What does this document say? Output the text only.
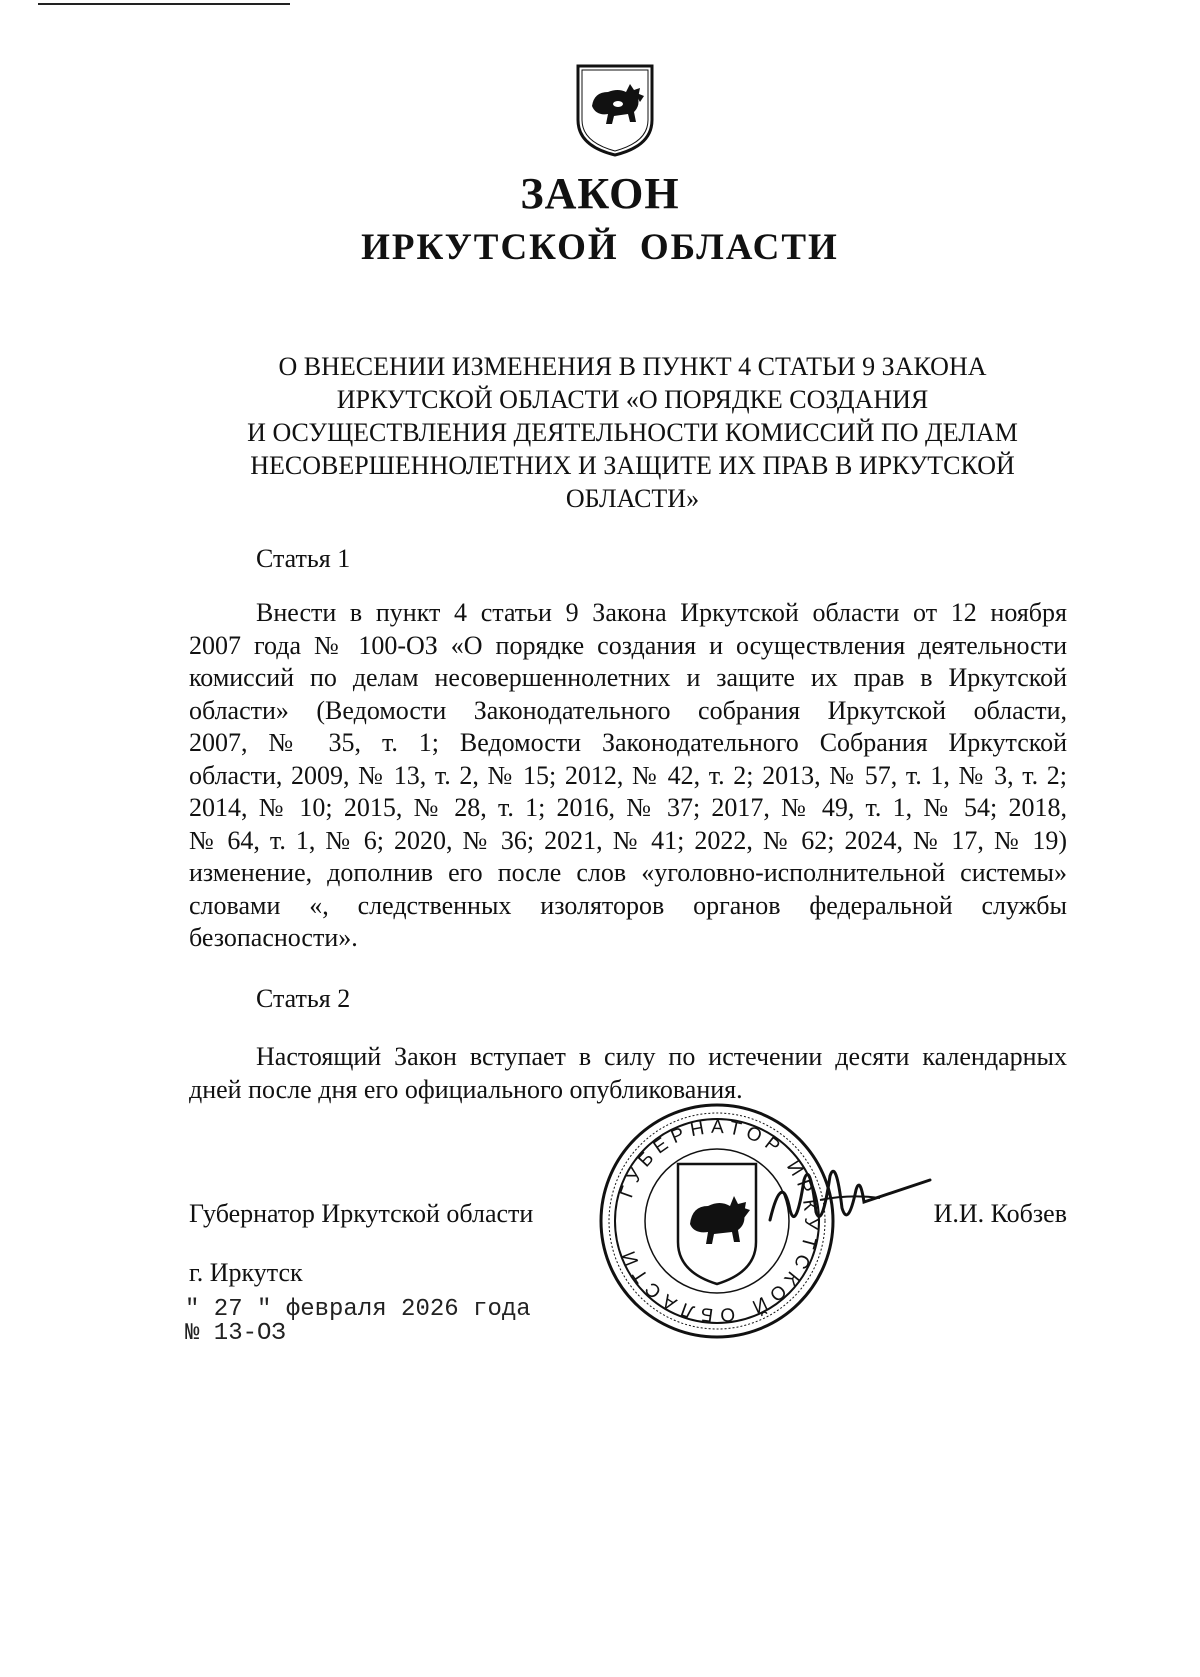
ЗАКОН
ИРКУТСКОЙ ОБЛАСТИ
О ВНЕСЕНИИ ИЗМЕНЕНИЯ В ПУНКТ 4 СТАТЬИ 9 ЗАКОНА
ИРКУТСКОЙ ОБЛАСТИ «О ПОРЯДКЕ СОЗДАНИЯ
И ОСУЩЕСТВЛЕНИЯ ДЕЯТЕЛЬНОСТИ КОМИССИЙ ПО ДЕЛАМ
НЕСОВЕРШЕННОЛЕТНИХ И ЗАЩИТЕ ИХ ПРАВ В ИРКУТСКОЙ
ОБЛАСТИ»
Статья 1
Внести в пункт 4 статьи 9 Закона Иркутской области от 12 ноября
2007 года № 100-ОЗ «О порядке создания и осуществления деятельности
комиссий по делам несовершеннолетних и защите их прав в Иркутской
области» (Ведомости Законодательного собрания Иркутской области,
2007, № 35, т. 1; Ведомости Законодательного Собрания Иркутской
области, 2009, № 13, т. 2, № 15; 2012, № 42, т. 2; 2013, № 57, т. 1, № 3, т. 2;
2014, № 10; 2015, № 28, т. 1; 2016, № 37; 2017, № 49, т. 1, № 54; 2018,
№ 64, т. 1, № 6; 2020, № 36; 2021, № 41; 2022, № 62; 2024, № 17, № 19)
изменение, дополнив его после слов «уголовно-исполнительной системы»
словами «, следственных изоляторов органов федеральной службы
безопасности».
Статья 2
Настоящий Закон вступает в силу по истечении десяти календарных
дней после дня его официального опубликования.
ГУБЕРНАТОР ИРКУТСКОЙ ОБЛАСТИ
Губернатор Иркутской области	И.И. Кобзев
г. Иркутск
" 27 " февраля 2026 года
№ 13-ОЗ
